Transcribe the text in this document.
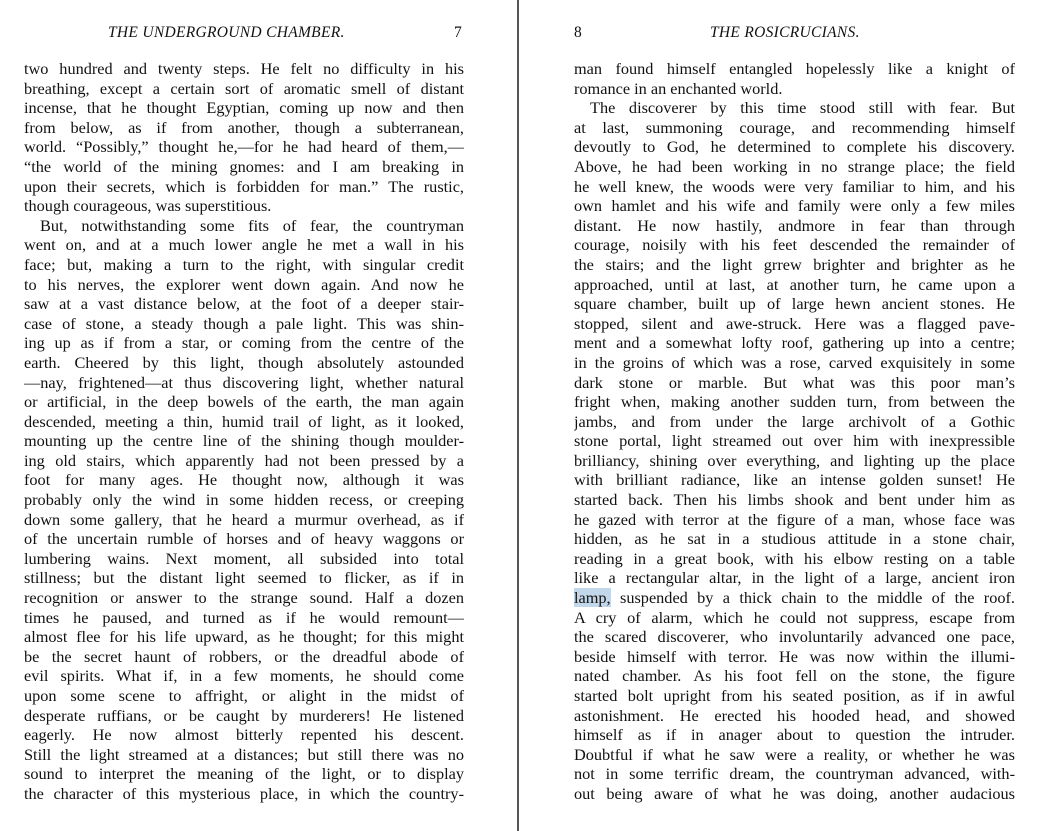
THE UNDERGROUND CHAMBER.	7
two hundred and twenty steps. He felt no difficulty in his
breathing, except a certain sort of aromatic smell of distant
incense, that he thought Egyptian, coming up now and then
from below, as if from another, though a subterranean,
world. “Possibly,” thought he,—for he had heard of them,—
“the world of the mining gnomes: and I am breaking in
upon their secrets, which is forbidden for man.” The rustic,
though courageous, was superstitious.
But, notwithstanding some fits of fear, the countryman
went on, and at a much lower angle he met a wall in his
face; but, making a turn to the right, with singular credit
to his nerves, the explorer went down again. And now he
saw at a vast distance below, at the foot of a deeper stair-
case of stone, a steady though a pale light. This was shin-
ing up as if from a star, or coming from the centre of the
earth. Cheered by this light, though absolutely astounded
—nay, frightened—at thus discovering light, whether natural
or artificial, in the deep bowels of the earth, the man again
descended, meeting a thin, humid trail of light, as it looked,
mounting up the centre line of the shining though moulder-
ing old stairs, which apparently had not been pressed by a
foot for many ages. He thought now, although it was
probably only the wind in some hidden recess, or creeping
down some gallery, that he heard a murmur overhead, as if
of the uncertain rumble of horses and of heavy waggons or
lumbering wains. Next moment, all subsided into total
stillness; but the distant light seemed to flicker, as if in
recognition or answer to the strange sound. Half a dozen
times he paused, and turned as if he would remount—
almost flee for his life upward, as he thought; for this might
be the secret haunt of robbers, or the dreadful abode of
evil spirits. What if, in a few moments, he should come
upon some scene to affright, or alight in the midst of
desperate ruffians, or be caught by murderers! He listened
eagerly. He now almost bitterly repented his descent.
Still the light streamed at a distances; but still there was no
sound to interpret the meaning of the light, or to display
the character of this mysterious place, in which the country-
8	THE ROSICRUCIANS.
man found himself entangled hopelessly like a knight of
romance in an enchanted world.
The discoverer by this time stood still with fear. But
at last, summoning courage, and recommending himself
devoutly to God, he determined to complete his discovery.
Above, he had been working in no strange place; the field
he well knew, the woods were very familiar to him, and his
own hamlet and his wife and family were only a few miles
distant. He now hastily, andmore in fear than through
courage, noisily with his feet descended the remainder of
the stairs; and the light grrew brighter and brighter as he
approached, until at last, at another turn, he came upon a
square chamber, built up of large hewn ancient stones. He
stopped, silent and awe-struck. Here was a flagged pave-
ment and a somewhat lofty roof, gathering up into a centre;
in the groins of which was a rose, carved exquisitely in some
dark stone or marble. But what was this poor man’s
fright when, making another sudden turn, from between the
jambs, and from under the large archivolt of a Gothic
stone portal, light streamed out over him with inexpressible
brilliancy, shining over everything, and lighting up the place
with brilliant radiance, like an intense golden sunset! He
started back. Then his limbs shook and bent under him as
he gazed with terror at the figure of a man, whose face was
hidden, as he sat in a studious attitude in a stone chair,
reading in a great book, with his elbow resting on a table
like a rectangular altar, in the light of a large, ancient iron
lamp, suspended by a thick chain to the middle of the roof.
A cry of alarm, which he could not suppress, escape from
the scared discoverer, who involuntarily advanced one pace,
beside himself with terror. He was now within the illumi-
nated chamber. As his foot fell on the stone, the figure
started bolt upright from his seated position, as if in awful
astonishment. He erected his hooded head, and showed
himself as if in anager about to question the intruder.
Doubtful if what he saw were a reality, or whether he was
not in some terrific dream, the countryman advanced, with-
out being aware of what he was doing, another audacious
